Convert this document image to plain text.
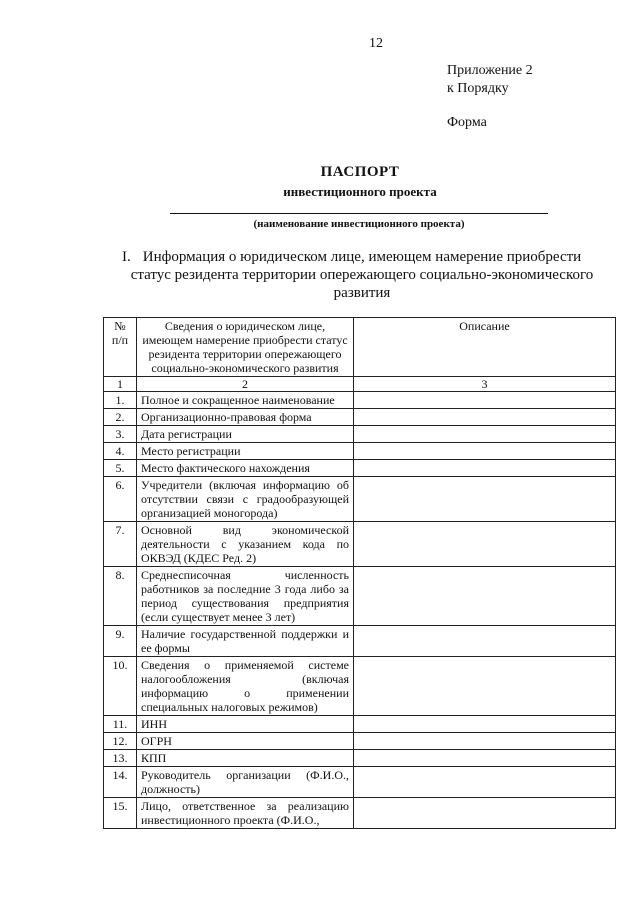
12
Приложение 2
к Порядку
Форма
ПАСПОРТ
инвестиционного проекта
(наименование инвестиционного проекта)
I. Информация о юридическом лице, имеющем намерение приобрести статус резидента территории опережающего социально-экономического развития
№ п/п	Сведения о юридическом лице, имеющем намерение приобрести статус резидента территории опережающего социально-экономического развития	Описание
1	2	3
1.	Полное и сокращенное наименование	
2.	Организационно-правовая форма	
3.	Дата регистрации	
4.	Место регистрации	
5.	Место фактического нахождения	
6.	Учредители (включая информацию об отсутствии связи с градообразующей организацией моногорода)	
7.	Основной вид экономической деятельности с указанием кода по ОКВЭД (КДЕС Ред. 2)	
8.	Среднесписочная численность работников за последние 3 года либо за период существования предприятия (если существует менее 3 лет)	
9.	Наличие государственной поддержки и ее формы	
10.	Сведения о применяемой системе налогообложения (включая информацию о применении специальных налоговых режимов)	
11.	ИНН	
12.	ОГРН	
13.	КПП	
14.	Руководитель организации (Ф.И.О., должность)	
15.	Лицо, ответственное за реализацию инвестиционного проекта (Ф.И.О.,	
